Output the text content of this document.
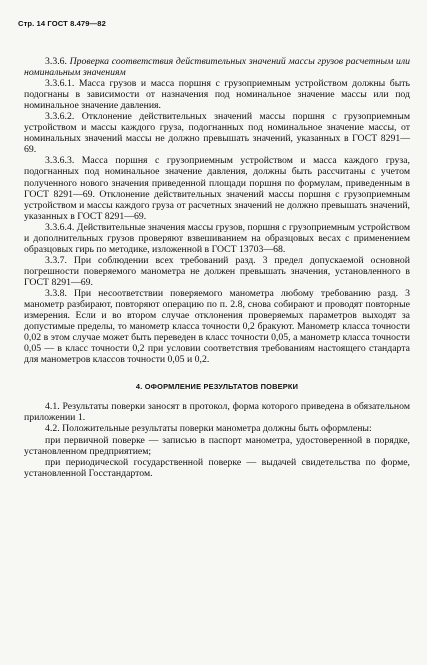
Стр. 14 ГОСТ 8.479—82

3.3.6. Проверка соответствия действительных значений массы грузов расчетным или номинальным значениям

3.3.6.1. Масса грузов и масса поршня с грузоприемным устройством должны быть подогнаны в зависимости от назначения под номинальное значение массы или под номинальное значение давления.

3.3.6.2. Отклонение действительных значений массы поршня с грузоприемным устройством и массы каждого груза, подогнанных под номинальное значение массы, от номинальных значений массы не должно превышать значений, указанных в ГОСТ 8291—69.

3.3.6.3. Масса поршня с грузоприемным устройством и масса каждого груза, подогнанных под номинальное значение давления, должны быть рассчитаны с учетом полученного нового значения приведенной площади поршня по формулам, приведенным в ГОСТ 8291—69. Отклонение действительных значений массы поршня с грузоприемным устройством и массы каждого груза от расчетных значений не должно превышать значений, указанных в ГОСТ 8291—69.

3.3.6.4. Действительные значения массы грузов, поршня с грузоприемным устройством и дополнительных грузов проверяют взвешиванием на образцовых весах с применением образцовых гирь по методике, изложенной в ГОСТ 13703—68.

3.3.7. При соблюдении всех требований разд. 3 предел допускаемой основной погрешности поверяемого манометра не должен превышать значения, установленного в ГОСТ 8291—69.

3.3.8. При несоответствии поверяемого манометра любому требованию разд. 3 манометр разбирают, повторяют операцию по п. 2.8, снова собирают и проводят повторные измерения. Если и во втором случае отклонения проверяемых параметров выходят за допустимые пределы, то манометр класса точности 0,2 бракуют. Манометр класса точности 0,02 в этом случае может быть переведен в класс точности 0,05, а манометр класса точности 0,05 — в класс точности 0,2 при условии соответствия требованиям настоящего стандарта для манометров классов точности 0,05 и 0,2.

4. ОФОРМЛЕНИЕ РЕЗУЛЬТАТОВ ПОВЕРКИ

4.1. Результаты поверки заносят в протокол, форма которого приведена в обязательном приложении 1.

4.2. Положительные результаты поверки манометра должны быть оформлены:

при первичной поверке — записью в паспорт манометра, удостоверенной в порядке, установленном предприятием;

при периодической государственной поверке — выдачей свидетельства по форме, установленной Госстандартом.
